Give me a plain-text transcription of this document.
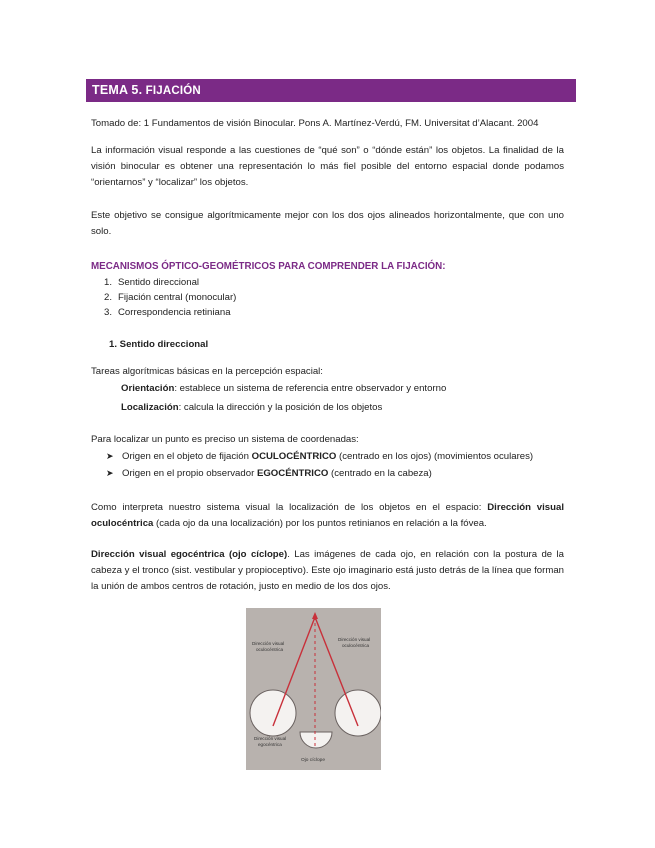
TEMA 5. FIJACIÓN
Tomado de: 1 Fundamentos de visión Binocular. Pons A. Martínez-Verdú, FM. Universitat d’Alacant. 2004
La información visual responde a las cuestiones de “qué son” o “dónde están” los objetos. La finalidad de la visión binocular es obtener una representación lo más fiel posible del entorno espacial donde podamos “orientarnos” y “localizar” los objetos.
Este objetivo se consigue algorítmicamente mejor con los dos ojos alineados horizontalmente, que con uno solo.
MECANISMOS ÓPTICO-GEOMÉTRICOS PARA COMPRENDER LA FIJACIÓN:
1. Sentido direccional
2. Fijación central (monocular)
3. Correspondencia retiniana
1. Sentido direccional
Tareas algorítmicas básicas en la percepción espacial:
Orientación: establece un sistema de referencia entre observador y entorno
Localización: calcula la dirección y la posición de los objetos
Para localizar un punto es preciso un sistema de coordenadas:
➤ Origen en el objeto de fijación OCULOCÉNTRICO (centrado en los ojos) (movimientos oculares)
➤ Origen en el propio observador EGOCÉNTRICO (centrado en la cabeza)
Como interpreta nuestro sistema visual la localización de los objetos en el espacio: Dirección visual oculocéntrica (cada ojo da una localización) por los puntos retinianos en relación a la fóvea.
Dirección visual egocéntrica (ojo cíclope). Las imágenes de cada ojo, en relación con la postura de la cabeza y el tronco (sist. vestibular y propioceptivo). Este ojo imaginario está justo detrás de la línea que forman la unión de ambos centros de rotación, justo en medio de los dos ojos.
Dirección visual
oculocéntrica
Dirección visual
oculocéntrica
Dirección visual
egocéntrica
Ojo cíclope
